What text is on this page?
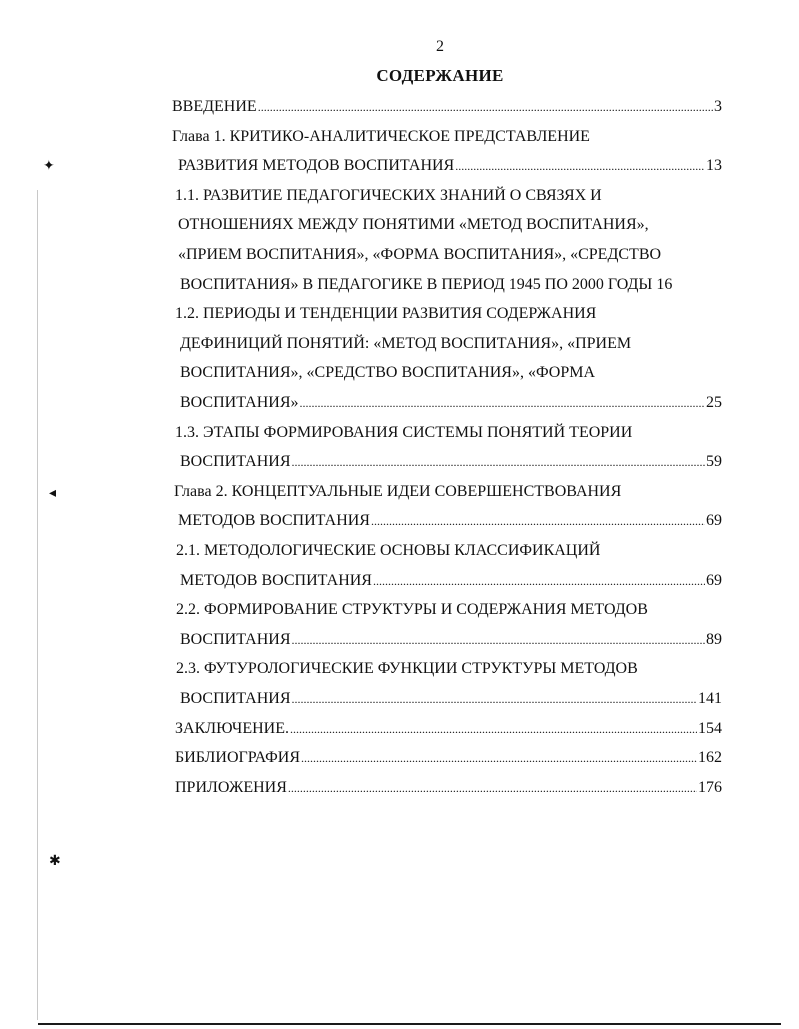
2
СОДЕРЖАНИЕ
ВВЕДЕНИЕ .....	3
Глава 1. КРИТИКО-АНАЛИТИЧЕСКОЕ ПРЕДСТАВЛЕНИЕ
РАЗВИТИЯ МЕТОДОВ ВОСПИТАНИЯ .....	13
1.1. РАЗВИТИЕ ПЕДАГОГИЧЕСКИХ ЗНАНИЙ О СВЯЗЯХ И
ОТНОШЕНИЯХ МЕЖДУ ПОНЯТИМИ «МЕТОД ВОСПИТАНИЯ»,
«ПРИЕМ ВОСПИТАНИЯ», «ФОРМА ВОСПИТАНИЯ», «СРЕДСТВО
ВОСПИТАНИЯ» В ПЕДАГОГИКЕ В ПЕРИОД 1945 ПО 2000 ГОДЫ 16
1.2. ПЕРИОДЫ И ТЕНДЕНЦИИ РАЗВИТИЯ СОДЕРЖАНИЯ
ДЕФИНИЦИЙ ПОНЯТИЙ: «МЕТОД ВОСПИТАНИЯ», «ПРИЕМ
ВОСПИТАНИЯ», «СРЕДСТВО ВОСПИТАНИЯ», «ФОРМА
ВОСПИТАНИЯ» .....	25
1.3. ЭТАПЫ ФОРМИРОВАНИЯ СИСТЕМЫ ПОНЯТИЙ ТЕОРИИ
ВОСПИТАНИЯ .....	59
Глава 2. КОНЦЕПТУАЛЬНЫЕ ИДЕИ СОВЕРШЕНСТВОВАНИЯ
МЕТОДОВ ВОСПИТАНИЯ .....	69
2.1. МЕТОДОЛОГИЧЕСКИЕ ОСНОВЫ КЛАССИФИКАЦИЙ
МЕТОДОВ ВОСПИТАНИЯ .....	69
2.2. ФОРМИРОВАНИЕ СТРУКТУРЫ И СОДЕРЖАНИЯ МЕТОДОВ
ВОСПИТАНИЯ .....	89
2.3. ФУТУРОЛОГИЧЕСКИЕ ФУНКЦИИ СТРУКТУРЫ МЕТОДОВ
ВОСПИТАНИЯ .....	141
ЗАКЛЮЧЕНИЕ. .....	154
БИБЛИОГРАФИЯ .....	162
ПРИЛОЖЕНИЯ .....	176
✦
◂
✱
